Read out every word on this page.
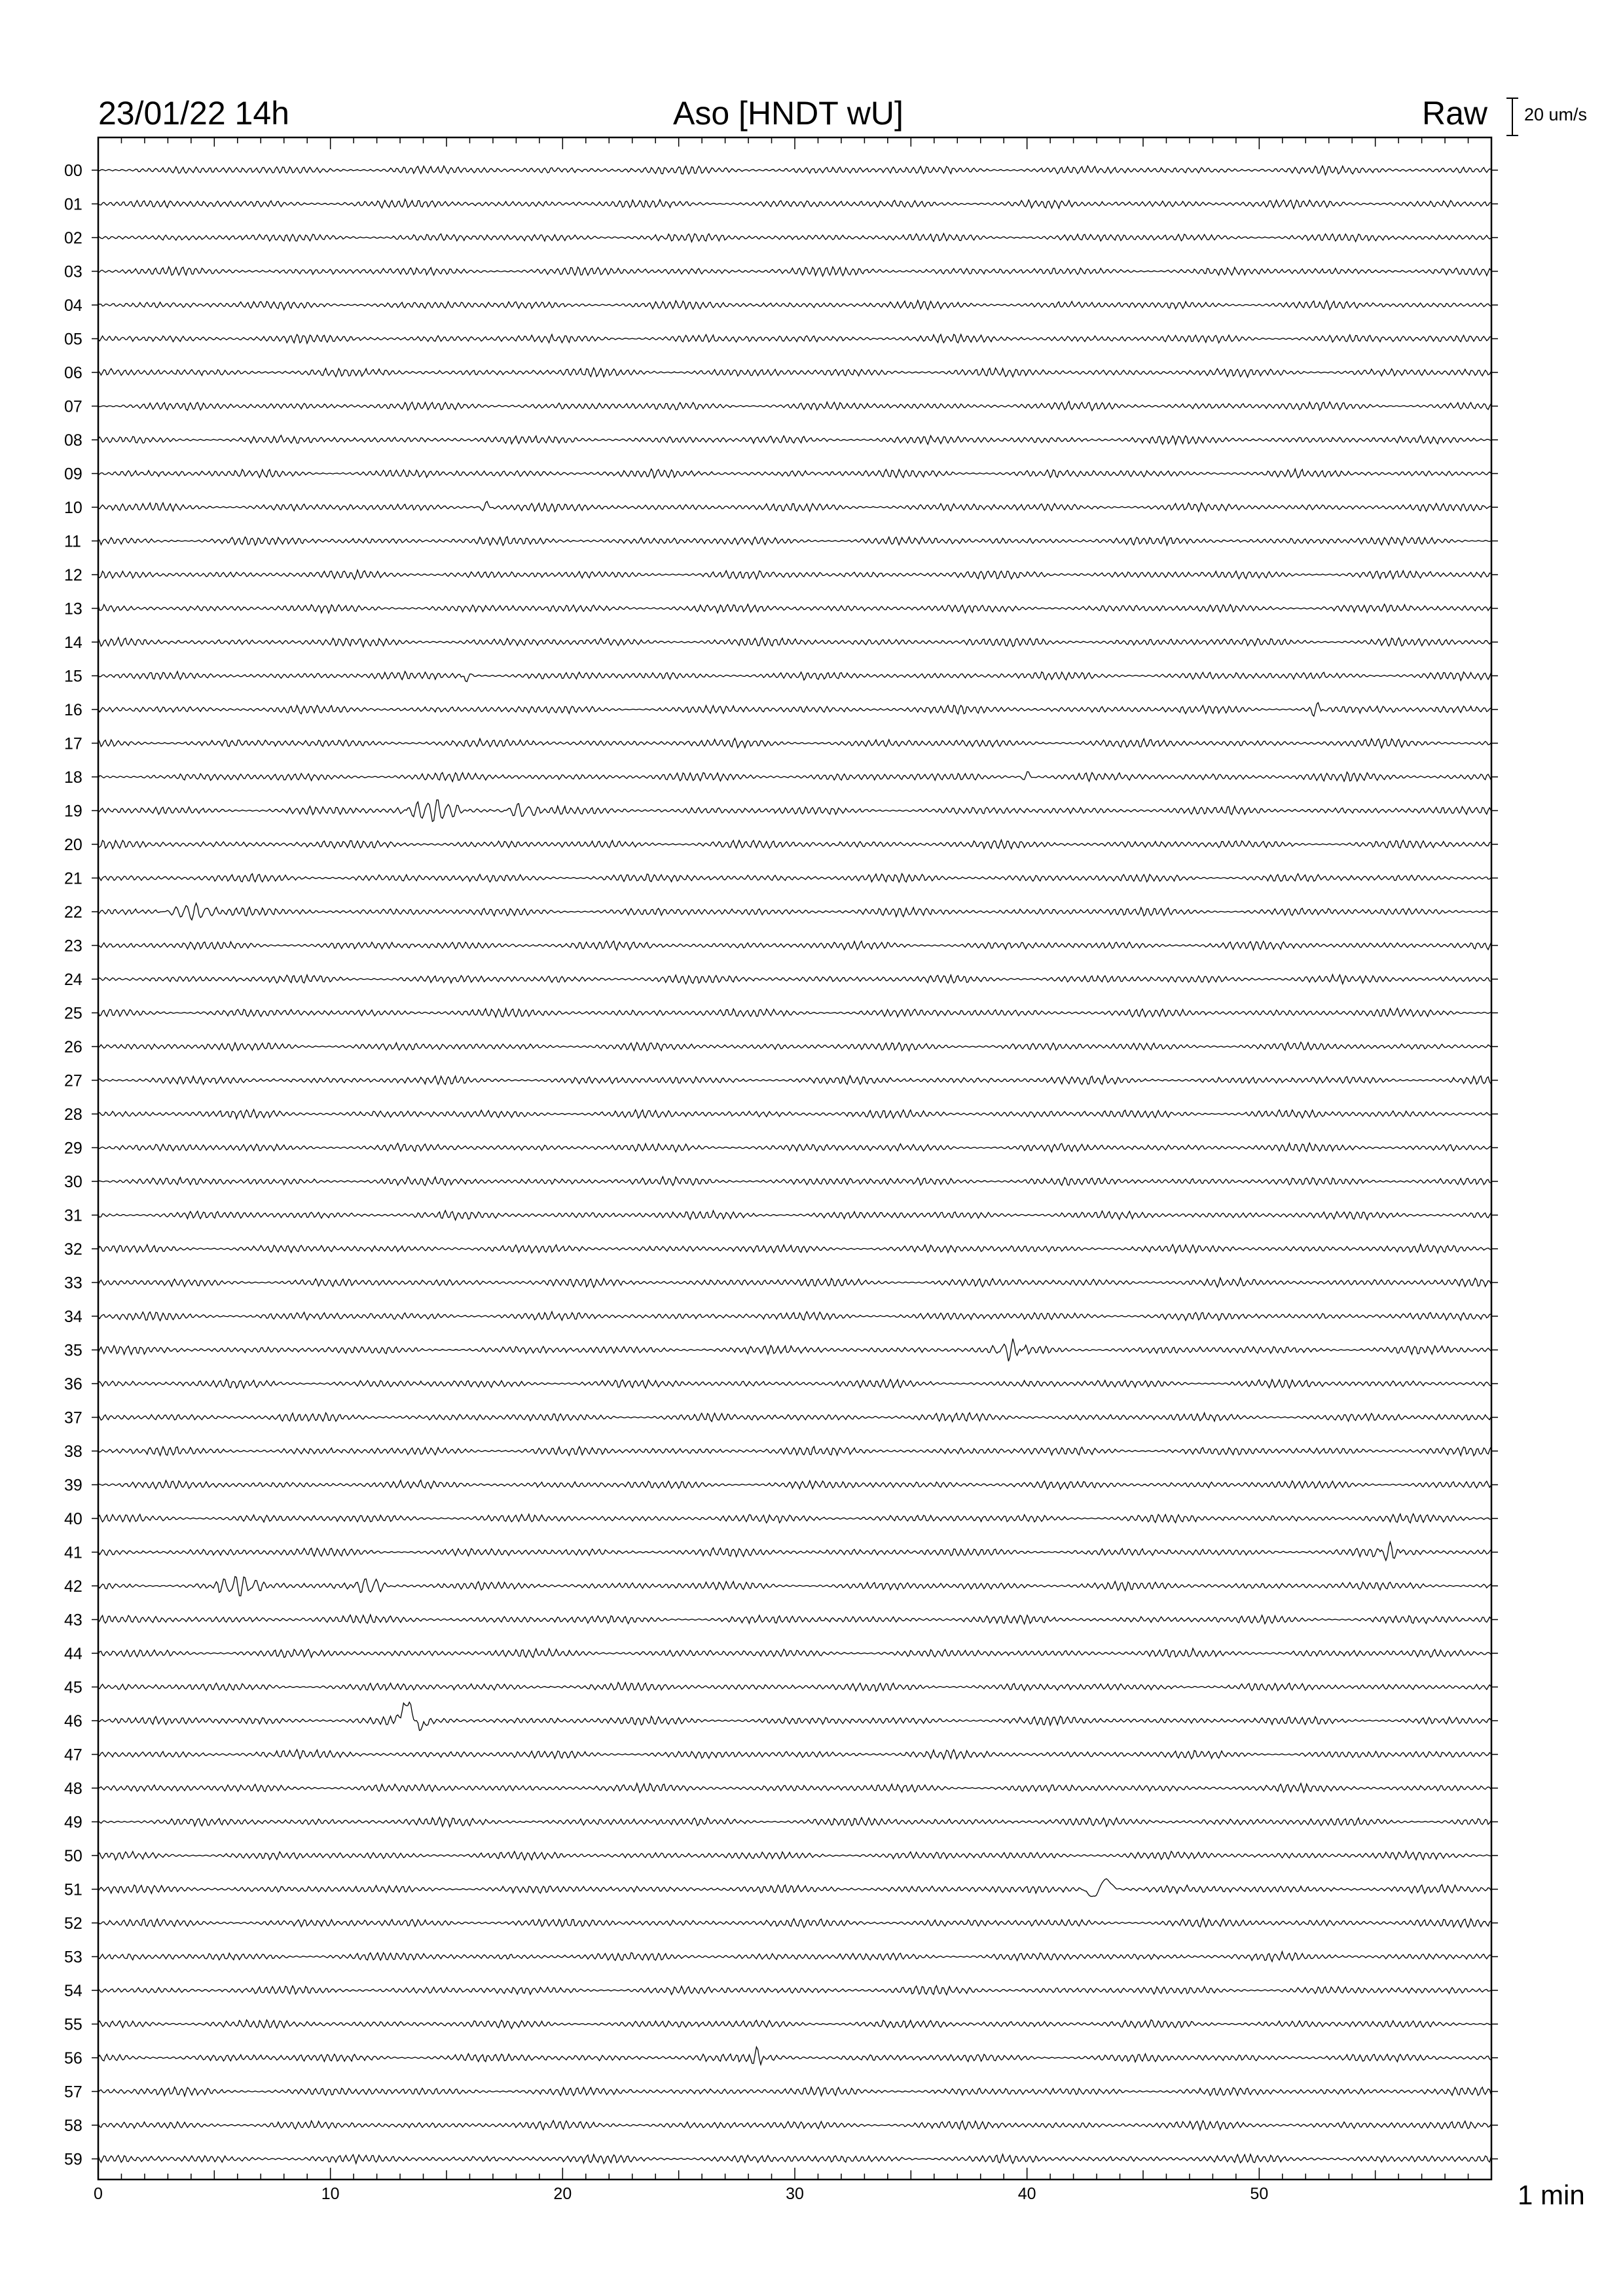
00
01
02
03
04
05
06
07
08
09
10
11
12
13
14
15
16
17
18
19
20
21
22
23
24
25
26
27
28
29
30
31
32
33
34
35
36
37
38
39
40
41
42
43
44
45
46
47
48
49
50
51
52
53
54
55
56
57
58
59
0	10	20	30	40	50
23/01/22 14h	Aso [HNDT wU]	Raw 20 um/s
1 min
